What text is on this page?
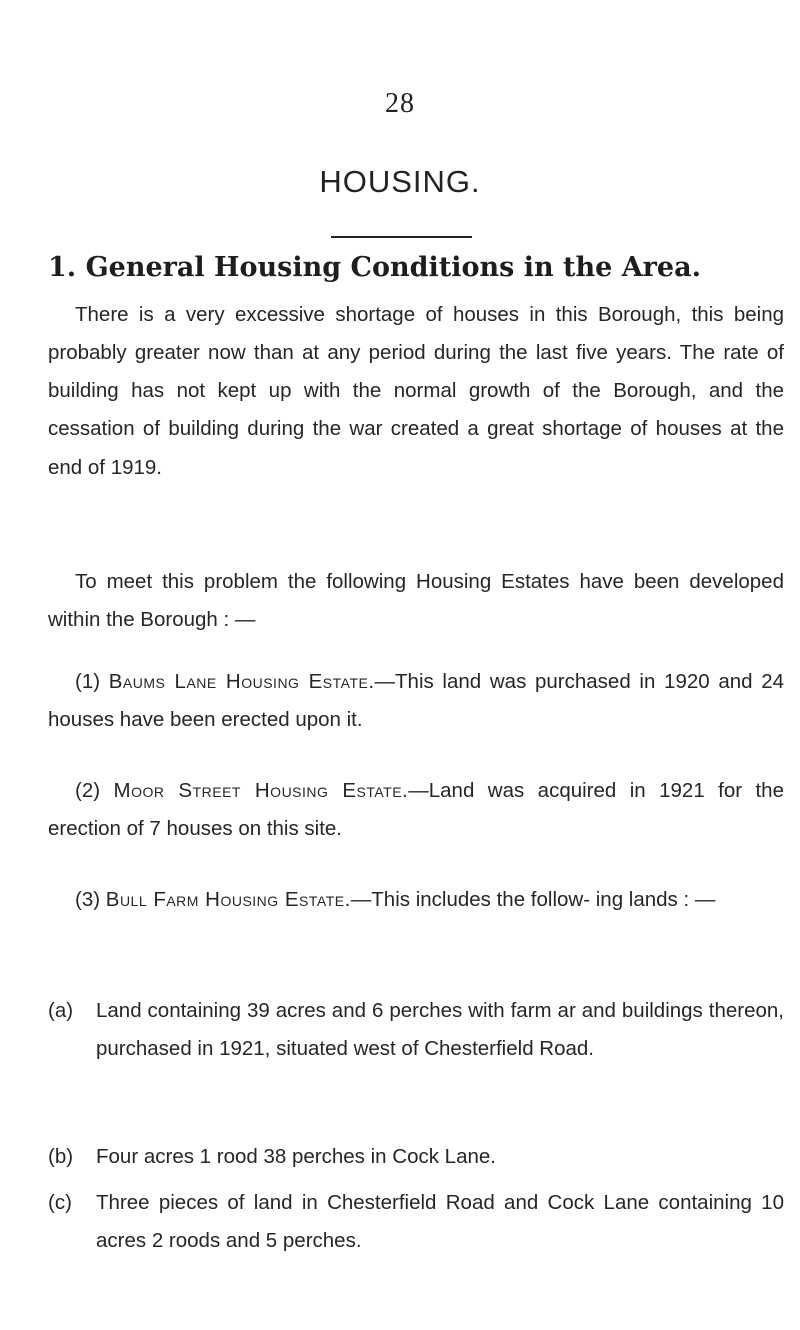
28
HOUSING.
1. General Housing Conditions in the Area.

There is a very excessive shortage of houses in this Borough, this being probably greater now than at any period during the last five years. The rate of building has not kept up with the normal growth of the Borough, and the cessation of building during the war created a great shortage of houses at the end of 1919.

To meet this problem the following Housing Estates have been developed within the Borough : —

(1) Baums Lane Housing Estate.—This land was purchased in 1920 and 24 houses have been erected upon it.
(2) Moor Street Housing Estate.—Land was acquired in 1921 for the erection of 7 houses on this site.
(3) Bull Farm Housing Estate.—This includes the follow- ing lands : —
(a)	Land containing 39 acres and 6 perches with farm ar and buildings thereon, purchased in 1921, situated west of Chesterfield Road.
(b)	Four acres 1 rood 38 perches in Cock Lane.
(c)	Three pieces of land in Chesterfield Road and Cock Lane containing 10 acres 2 roods and 5 perches.
